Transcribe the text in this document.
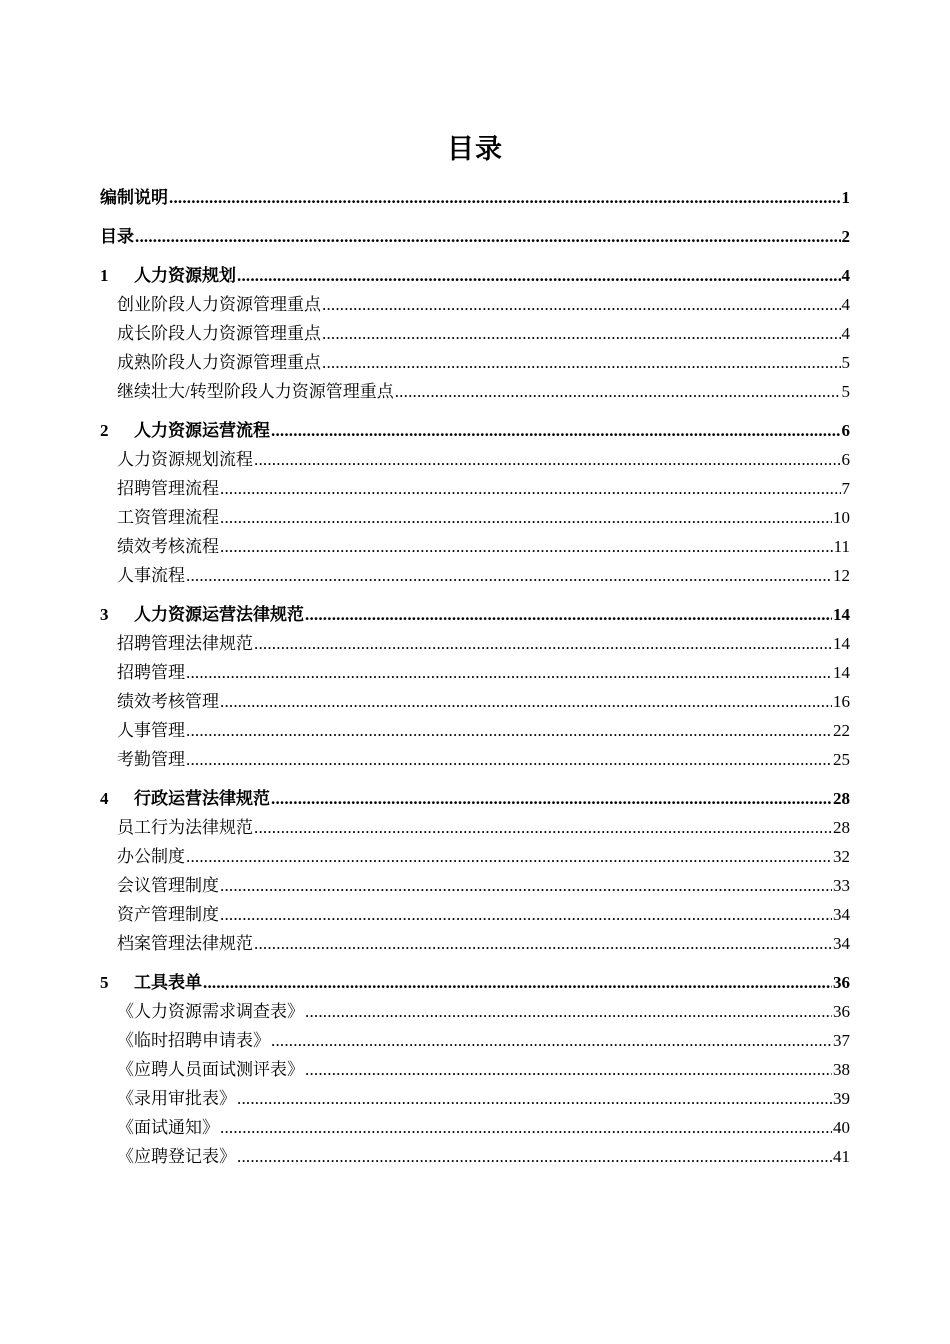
目录
编制说明 .....	1
目录 .....	2
1	人力资源规划 .....	4
创业阶段人力资源管理重点 .....	4
成长阶段人力资源管理重点 .....	4
成熟阶段人力资源管理重点 .....	5
继续壮大/转型阶段人力资源管理重点 .....	5
2	人力资源运营流程 .....	6
人力资源规划流程 .....	6
招聘管理流程 .....	7
工资管理流程 .....	10
绩效考核流程 .....	11
人事流程 .....	12
3	人力资源运营法律规范 .....	14
招聘管理法律规范 .....	14
招聘管理 .....	14
绩效考核管理 .....	16
人事管理 .....	22
考勤管理 .....	25
4	行政运营法律规范 .....	28
员工行为法律规范 .....	28
办公制度 .....	32
会议管理制度 .....	33
资产管理制度 .....	34
档案管理法律规范 .....	34
5	工具表单 .....	36
《人力资源需求调查表》 .....	36
《临时招聘申请表》 .....	37
《应聘人员面试测评表》 .....	38
《录用审批表》 .....	39
《面试通知》 .....	40
《应聘登记表》 .....	41
